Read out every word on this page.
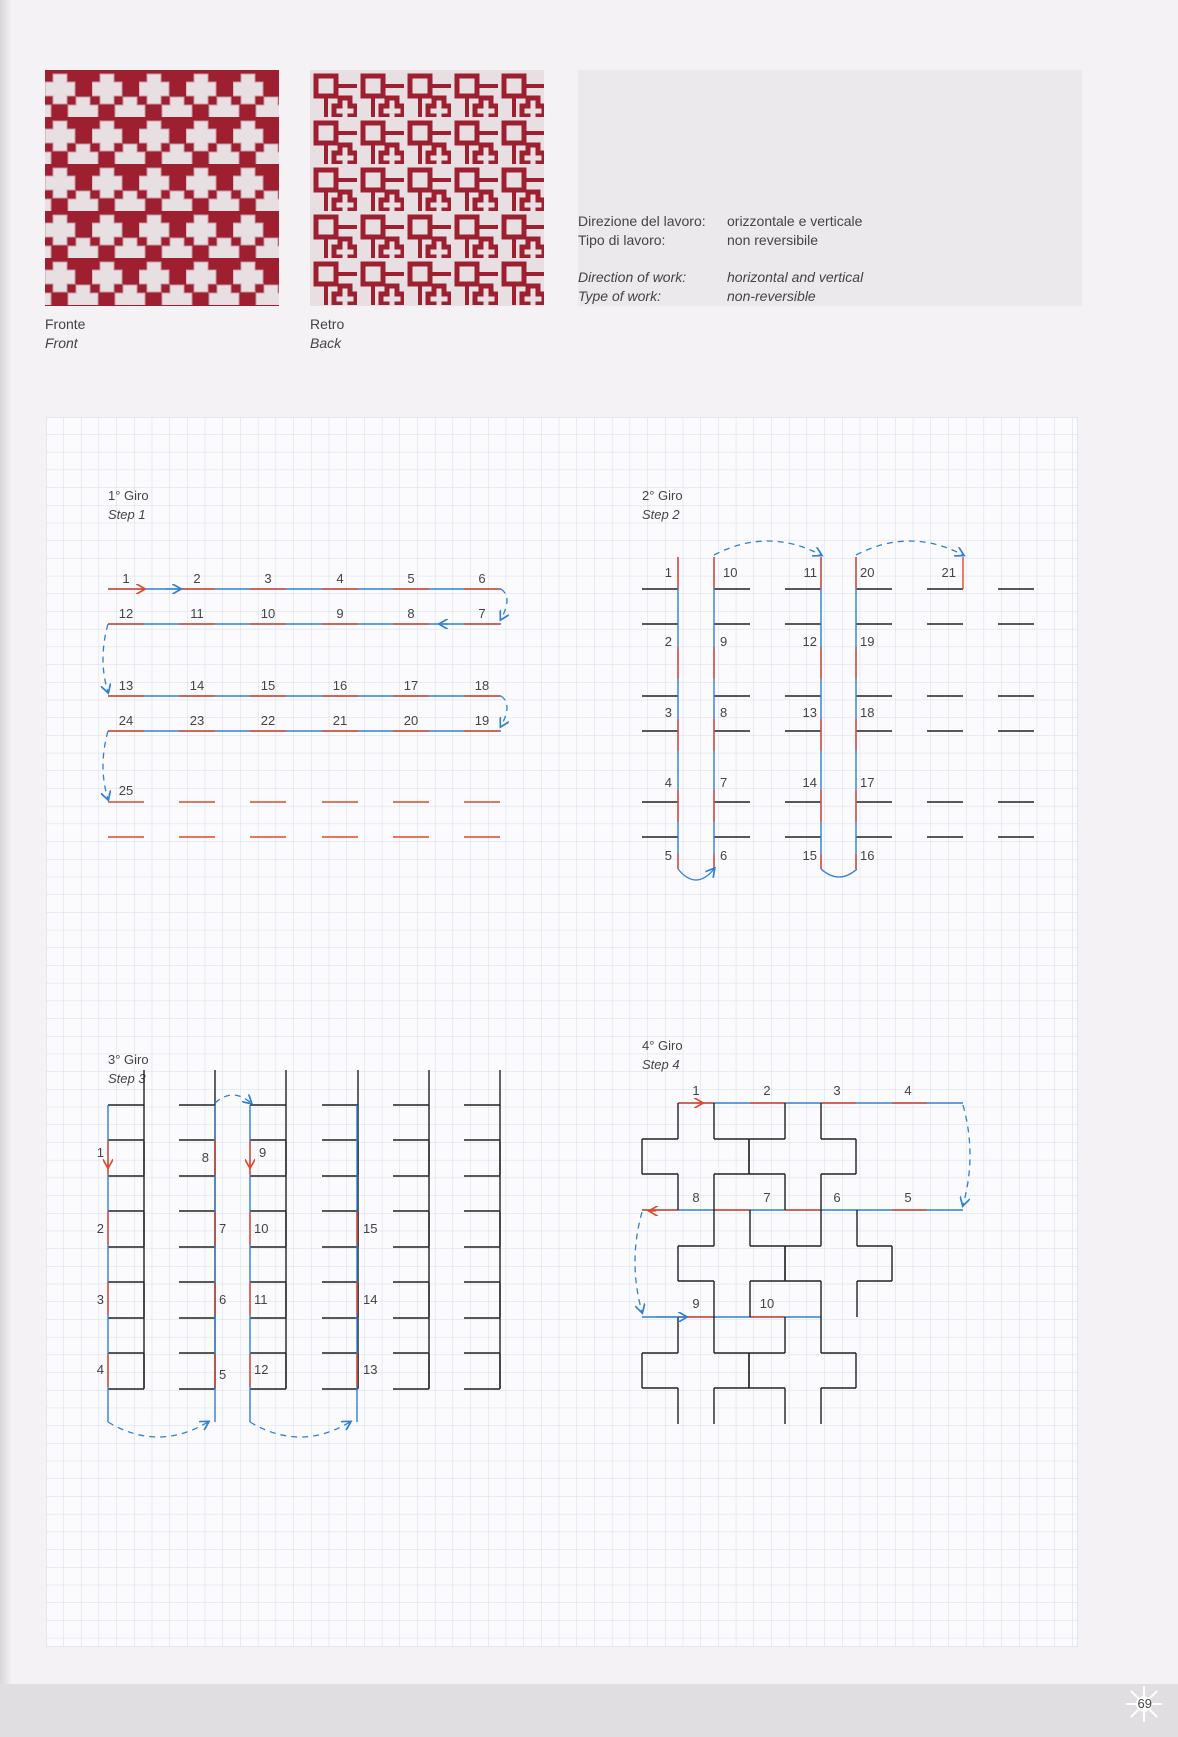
Fronte
Front
Retro
Back
Direzione del lavoro:	orizzontale e verticale
Tipo di lavoro:	non reversibile
Direction of work:	horizontal and vertical
Type of work:	non-reversible
1° Giro
Step 1
2° Giro
Step 2
3° Giro
Step 3
4° Giro
Step 4
1	2	3	4	5	6
12	11	10	9	8	7
13	14	15	16	17	18
24	23	22	21	20	19
25
1	10	11	20	21
2	9	12	19
3	8	13	18
4	7	14	17
5	6	15	16
1	8	9
2	7 10	15
3	6 11	14
4	5 12	13
1	2	3	4
8	7	6	5
9	10
69
